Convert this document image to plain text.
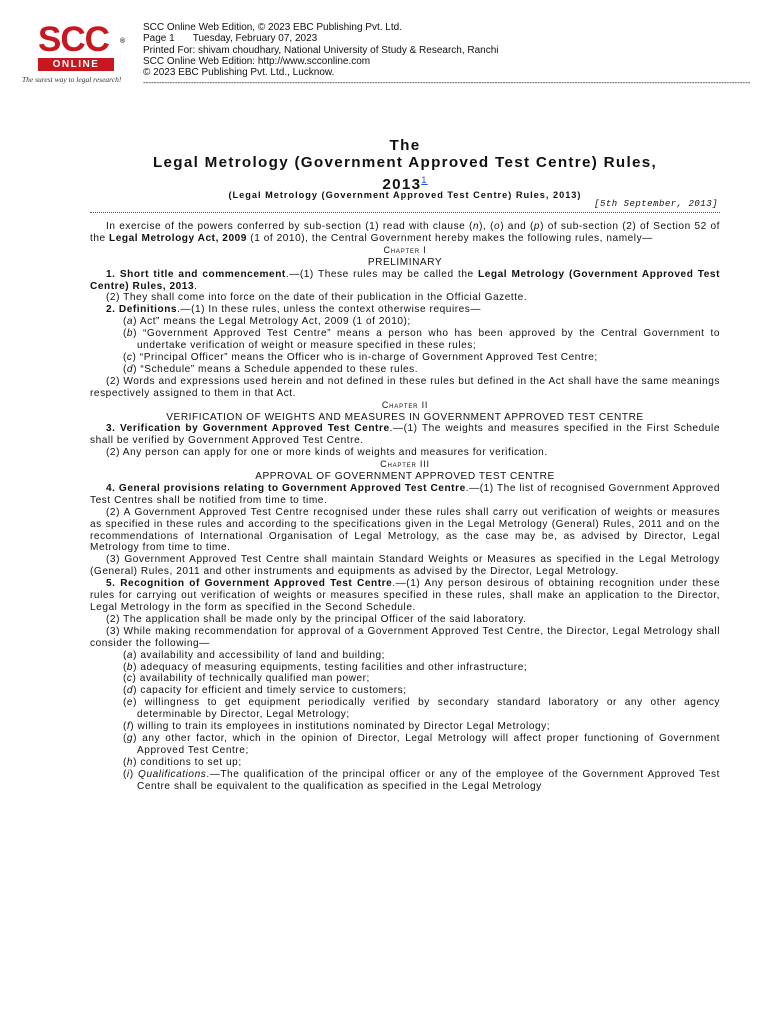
SCC ®
ONLINE
The surest way to legal research!
SCC Online Web Edition, © 2023 EBC Publishing Pvt. Ltd.
Page 1 Tuesday, February 07, 2023
Printed For: shivam choudhary, National University of Study & Research, Ranchi
SCC Online Web Edition: http://www.scconline.com
© 2023 EBC Publishing Pvt. Ltd., Lucknow.
------------------------------------------------------------------------------------------------------------------------------------------------------------------------------------------------------------------------------------
The
Legal Metrology (Government Approved Test Centre) Rules,
2013$^1$
(Legal Metrology (Government Approved Test Centre) Rules, 2013)
[5th September, 2013]

In exercise of the powers conferred by sub-section (1) read with clause (n), (o) and (p) of sub-section (2) of Section 52 of the Legal Metrology Act, 2009 (1 of 2010), the Central Government hereby makes the following rules, namely—

Chapter I

PRELIMINARY

1. Short title and commencement.—(1) These rules may be called the Legal Metrology (Government Approved Test Centre) Rules, 2013.

(2) They shall come into force on the date of their publication in the Official Gazette.

2. Definitions.—(1) In these rules, unless the context otherwise requires—

(a) Act” means the Legal Metrology Act, 2009 (1 of 2010);

(b) “Government Approved Test Centre” means a person who has been approved by the Central Government to undertake verification of weight or measure specified in these rules;

(c) “Principal Officer” means the Officer who is in-charge of Government Approved Test Centre;

(d) “Schedule” means a Schedule appended to these rules.

(2) Words and expressions used herein and not defined in these rules but defined in the Act shall have the same meanings respectively assigned to them in that Act.

Chapter II

VERIFICATION OF WEIGHTS AND MEASURES IN GOVERNMENT APPROVED TEST CENTRE

3. Verification by Government Approved Test Centre.—(1) The weights and measures specified in the First Schedule shall be verified by Government Approved Test Centre.

(2) Any person can apply for one or more kinds of weights and measures for verification.

Chapter III

APPROVAL OF GOVERNMENT APPROVED TEST CENTRE

4. General provisions relating to Government Approved Test Centre.—(1) The list of recognised Government Approved Test Centres shall be notified from time to time.

(2) A Government Approved Test Centre recognised under these rules shall carry out verification of weights or measures as specified in these rules and according to the specifications given in the Legal Metrology (General) Rules, 2011 and on the recommendations of International Organisation of Legal Metrology, as the case may be, as advised by Director, Legal Metrology from time to time.

(3) Government Approved Test Centre shall maintain Standard Weights or Measures as specified in the Legal Metrology (General) Rules, 2011 and other instruments and equipments as advised by the Director, Legal Metrology.

5. Recognition of Government Approved Test Centre.—(1) Any person desirous of obtaining recognition under these rules for carrying out verification of weights or measures specified in these rules, shall make an application to the Director, Legal Metrology in the form as specified in the Second Schedule.

(2) The application shall be made only by the principal Officer of the said laboratory.

(3) While making recommendation for approval of a Government Approved Test Centre, the Director, Legal Metrology shall consider the following—

(a) availability and accessibility of land and building;

(b) adequacy of measuring equipments, testing facilities and other infrastructure;

(c) availability of technically qualified man power;

(d) capacity for efficient and timely service to customers;

(e) willingness to get equipment periodically verified by secondary standard laboratory or any other agency determinable by Director, Legal Metrology;

(f) willing to train its employees in institutions nominated by Director Legal Metrology;

(g) any other factor, which in the opinion of Director, Legal Metrology will affect proper functioning of Government Approved Test Centre;

(h) conditions to set up;

(i) Qualifications.—The qualification of the principal officer or any of the employee of the Government Approved Test Centre shall be equivalent to the qualification as specified in the Legal Metrology
